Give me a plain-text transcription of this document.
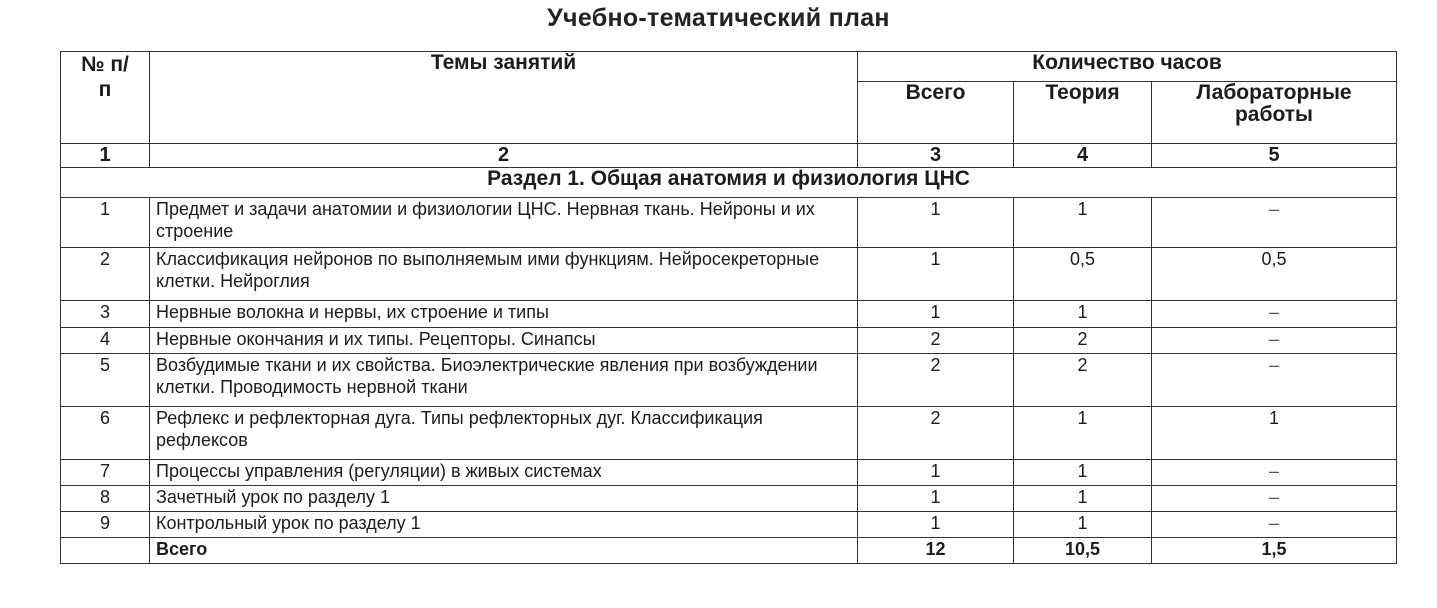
Учебно-тематический план
№ п/п	Темы занятий	Количество часов		
		Всего	Теория	Лабораторные работы

1	2	3	4	5
Раздел 1. Общая анатомия и физиология ЦНС				
1	Предмет и задачи анатомии и физиологии ЦНС. Нервная ткань. Нейроны и их строение	1	1	–
2	Классификация нейронов по выполняемым ими функциям. Нейросекреторные клетки. Нейроглия	1	0,5	0,5
3	Нервные волокна и нервы, их строение и типы	1	1	–
4	Нервные окончания и их типы. Рецепторы. Синапсы	2	2	–
5	Возбудимые ткани и их свойства. Биоэлектрические явления при возбуждении клетки. Проводимость нервной ткани	2	2	–
6	Рефлекс и рефлекторная дуга. Типы рефлекторных дуг. Классификация рефлексов	2	1	1
7	Процессы управления (регуляции) в живых системах	1	1	–
8	Зачетный урок по разделу 1	1	1	–
9	Контрольный урок по разделу 1	1	1	–
	Всего	12	10,5	1,5
